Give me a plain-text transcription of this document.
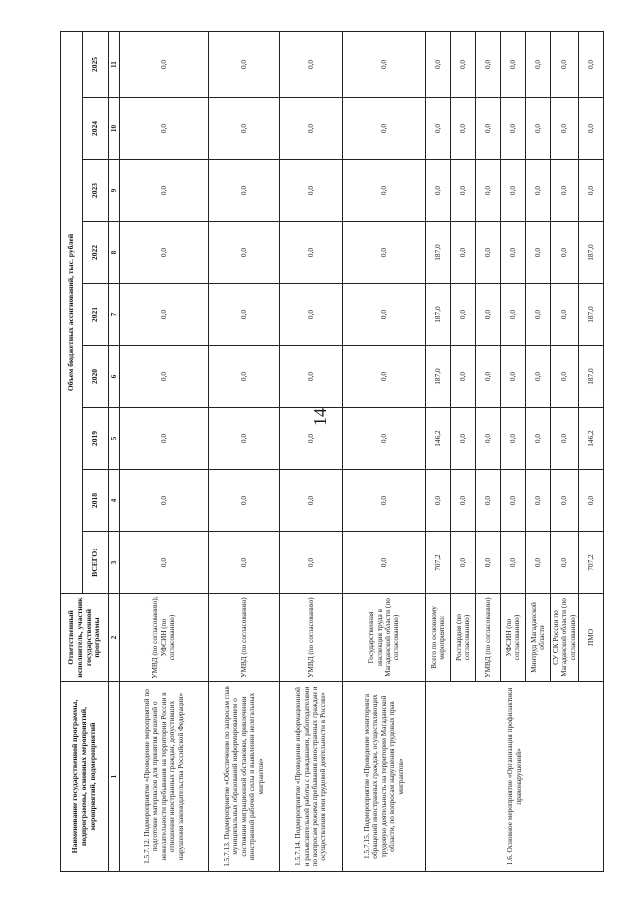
14
Наименование государственной программы, подпрограммы, основных мероприятий, мероприятий, подмероприятий	Ответственный исполнитель, участник государственной программы	Объем бюджетных ассигнований, тыс. рублей								
		ВСЕГО:	2018	2019	2020	2021	2022	2023	2024	2025
1	2	3	4	5	6	7	8	9	10	11
1.5.7.12. Подмероприятие «Проведение мероприятий по подготовке материалов для принятия решений о нежелательности пребывания на территории России в отношении иностранных граждан, допустивших нарушения законодательства Российской Федерации»	УМВД (по согласованию); УФСИН (по согласованию)	0,0	0,0	0,0	0,0	0,0	0,0	0,0	0,0	0,0
1.5.7.13. Подмероприятие «Обеспечение по запросам глав муниципальных образований информированием о состоянии миграционной обстановки, привлечении иностранной рабочей силы и выявлении нелегальных мигрантов»	УМВД (по согласованию)	0,0	0,0	0,0	0,0	0,0	0,0	0,0	0,0	0,0
1.5.7.14. Подмероприятие «Проведение информационной и разъяснительной работы с гражданами, работодателями по вопросам режима пребывания иностранных граждан и осуществления ими трудовой деятельности в России»	УМВД (по согласованию)	0,0	0,0	0,0	0,0	0,0	0,0	0,0	0,0	0,0
1.5.7.15. Подмероприятие «Проведение мониторинга обращений иностранных граждан, осуществляющих трудовую деятельность на территории Магаданской области, по вопросам нарушения трудовых прав мигрантов»	Государственная инспекция труда в Магаданской области (по согласованию)	0,0	0,0	0,0	0,0	0,0	0,0	0,0	0,0	0,0
1.6. Основное мероприятие «Организация профилактики правонарушений»	Всего по основному мероприятию:	707,2	0,0	146,2	187,0	187,0	187,0	0,0	0,0	0,0
	Росгвардия (по согласованию)	0,0	0,0	0,0	0,0	0,0	0,0	0,0	0,0	0,0
	УМВД (по согласованию)	0,0	0,0	0,0	0,0	0,0	0,0	0,0	0,0	0,0
	УФСИН (по согласованию)	0,0	0,0	0,0	0,0	0,0	0,0	0,0	0,0	0,0
	Минтруд Магаданской области	0,0	0,0	0,0	0,0	0,0	0,0	0,0	0,0	0,0
	СУ СК России по Магаданской области (по согласованию)	0,0	0,0	0,0	0,0	0,0	0,0	0,0	0,0	0,0
	ПМО	707,2	0,0	146,2	187,0	187,0	187,0	0,0	0,0	0,0
